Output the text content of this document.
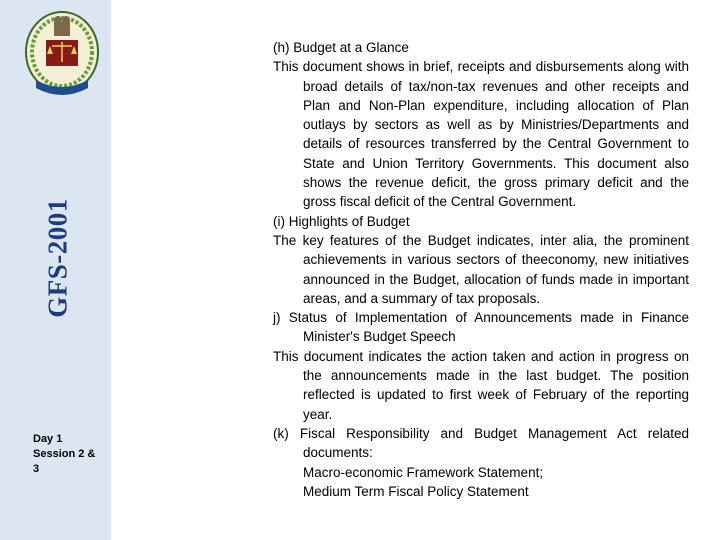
GFS-2001
Day 1
Session 2 &
3

(h) Budget at a Glance

This document shows in brief, receipts and disbursements along with broad details of tax/non-tax revenues and other receipts and Plan and Non-Plan expenditure, including allocation of Plan outlays by sectors as well as by Ministries/Departments and details of resources transferred by the Central Government to State and Union Territory Governments. This document also shows the revenue deficit, the gross primary deficit and the gross fiscal deficit of the Central Government.

(i) Highlights of Budget

The key features of the Budget indicates, inter alia, the prominent achievements in various sectors of theeconomy, new initiatives announced in the Budget, allocation of funds made in important areas, and a summary of tax proposals.

j) Status of Implementation of Announcements made in Finance Minister's Budget Speech

This document indicates the action taken and action in progress on the announcements made in the last budget. The position reflected is updated to first week of February of the reporting year.

(k) Fiscal Responsibility and Budget Management Act related documents:

Macro-economic Framework Statement;

Medium Term Fiscal Policy Statement
